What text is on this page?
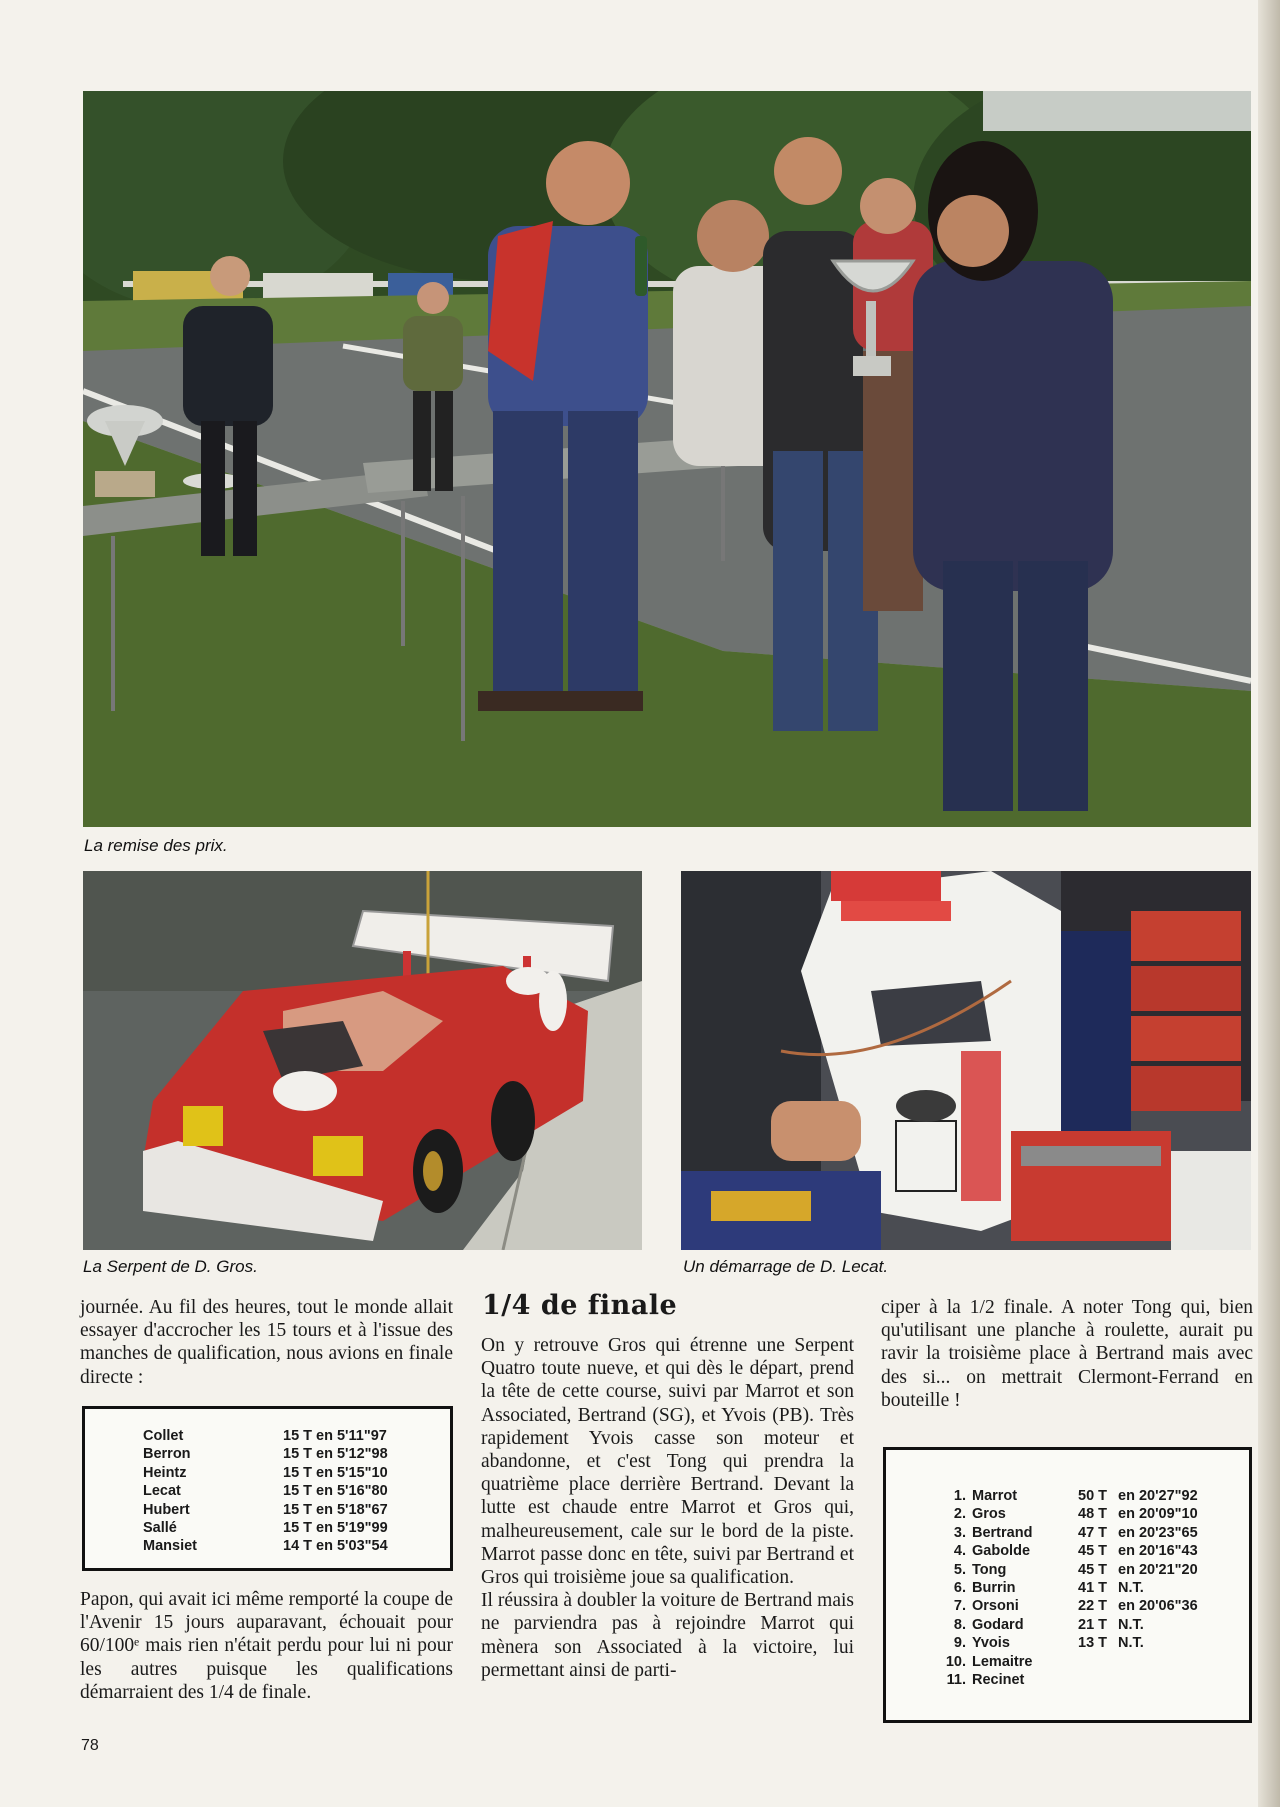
La remise des prix.
La Serpent de D. Gros.	Un démarrage de D. Lecat.

journée. Au fil des heures, tout le monde allait essayer d'accrocher les 15 tours et à l'issue des manches de qualification, nous avions en finale directe :

Collet	15 T en 5'11"97
Berron	15 T en 5'12"98
Heintz	15 T en 5'15"10
Lecat	15 T en 5'16"80
Hubert	15 T en 5'18"67
Sallé	15 T en 5'19"99
Mansiet	14 T en 5'03"54

Papon, qui avait ici même remporté la coupe de l'Avenir 15 jours auparavant, échouait pour 60/100ᵉ mais rien n'était perdu pour lui ni pour les autres puisque les qualifications démarraient des 1/4 de finale.

1/4 de finale

On y retrouve Gros qui étrenne une Serpent Quatro toute nueve, et qui dès le départ, prend la tête de cette course, suivi par Marrot et son Associated, Bertrand (SG), et Yvois (PB). Très rapidement Yvois casse son moteur et abandonne, et c'est Tong qui prendra la quatrième place derrière Bertrand. Devant la lutte est chaude entre Marrot et Gros qui, malheureusement, cale sur le bord de la piste. Marrot passe donc en tête, suivi par Bertrand et Gros qui troisième joue sa qualification.

Il réussira à doubler la voiture de Bertrand mais ne parviendra pas à rejoindre Marrot qui mènera son Associated à la victoire, lui permettant ainsi de parti-

ciper à la 1/2 finale. A noter Tong qui, bien qu'utilisant une planche à roulette, aurait pu ravir la troisième place à Bertrand mais avec des si... on mettrait Clermont-Ferrand en bouteille !

1.	Marrot	50 T	en 20'27"92
2.	Gros	48 T	en 20'09"10
3.	Bertrand	47 T	en 20'23"65
4.	Gabolde	45 T	en 20'16"43
5.	Tong	45 T	en 20'21"20
6.	Burrin	41 T	N.T.
7.	Orsoni	22 T	en 20'06"36
8.	Godard	21 T	N.T.
9.	Yvois	13 T	N.T.
10.	Lemaitre		
11.	Recinet		
78
